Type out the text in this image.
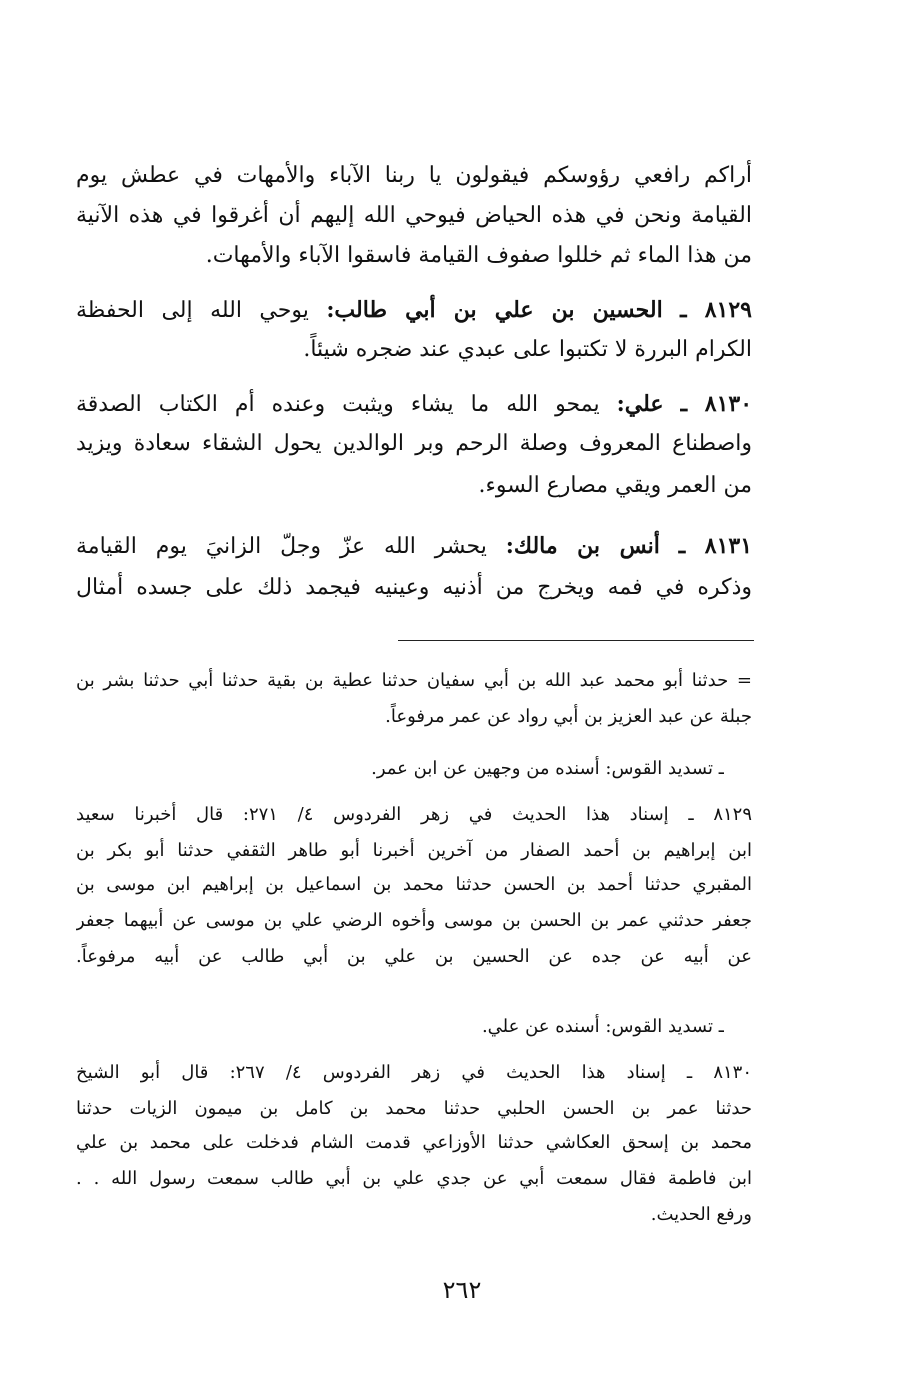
أراكم رافعي رؤوسكم فيقولون يا ربنا الآباء والأمهات في عطش يوم
القيامة ونحن في هذه الحياض فيوحي الله إليهم أن أغرقوا في هذه الآنية
من هذا الماء ثم خللوا صفوف القيامة فاسقوا الآباء والأمهات.
٨١٢٩ ـ الحسين بن علي بن أبي طالب: يوحي الله إلى الحفظة
الكرام البررة لا تكتبوا على عبدي عند ضجره شيئاً.
٨١٣٠ ـ علي: يمحو الله ما يشاء ويثبت وعنده أم الكتاب الصدقة
واصطناع المعروف وصلة الرحم وبر الوالدين يحول الشقاء سعادة ويزيد
من العمر ويقي مصارع السوء.
٨١٣١ ـ أنس بن مالك: يحشر الله عزّ وجلّ الزانيَ يوم القيامة
وذكره في فمه ويخرج من أذنيه وعينيه فيجمد ذلك على جسده أمثال
= حدثنا أبو محمد عبد الله بن أبي سفيان حدثنا عطية بن بقية حدثنا أبي حدثنا بشر بن
جبلة عن عبد العزيز بن أبي رواد عن عمر مرفوعاً.
ـ تسديد القوس: أسنده من وجهين عن ابن عمر.
٨١٢٩ ـ إسناد هذا الحديث في زهر الفردوس ٤/ ٢٧١: قال أخبرنا سعيد
ابن إبراهيم بن أحمد الصفار من آخرين أخبرنا أبو طاهر الثقفي حدثنا أبو بكر بن
المقبري حدثنا أحمد بن الحسن حدثنا محمد بن اسماعيل بن إبراهيم ابن موسى بن
جعفر حدثني عمر بن الحسن بن موسى وأخوه الرضي علي بن موسى عن أبيهما جعفر
عن أبيه عن جده عن الحسين بن علي بن أبي طالب عن أبيه مرفوعاً.
ـ تسديد القوس: أسنده عن علي.
٨١٣٠ ـ إسناد هذا الحديث في زهر الفردوس ٤/ ٢٦٧: قال أبو الشيخ
حدثنا عمر بن الحسن الحلبي حدثنا محمد بن كامل بن ميمون الزيات حدثنا
محمد بن إسحق العكاشي حدثنا الأوزاعي قدمت الشام فدخلت على محمد بن علي
ابن فاطمة فقال سمعت أبي عن جدي علي بن أبي طالب سمعت رسول الله . .
ورفع الحديث.
٢٦٢
